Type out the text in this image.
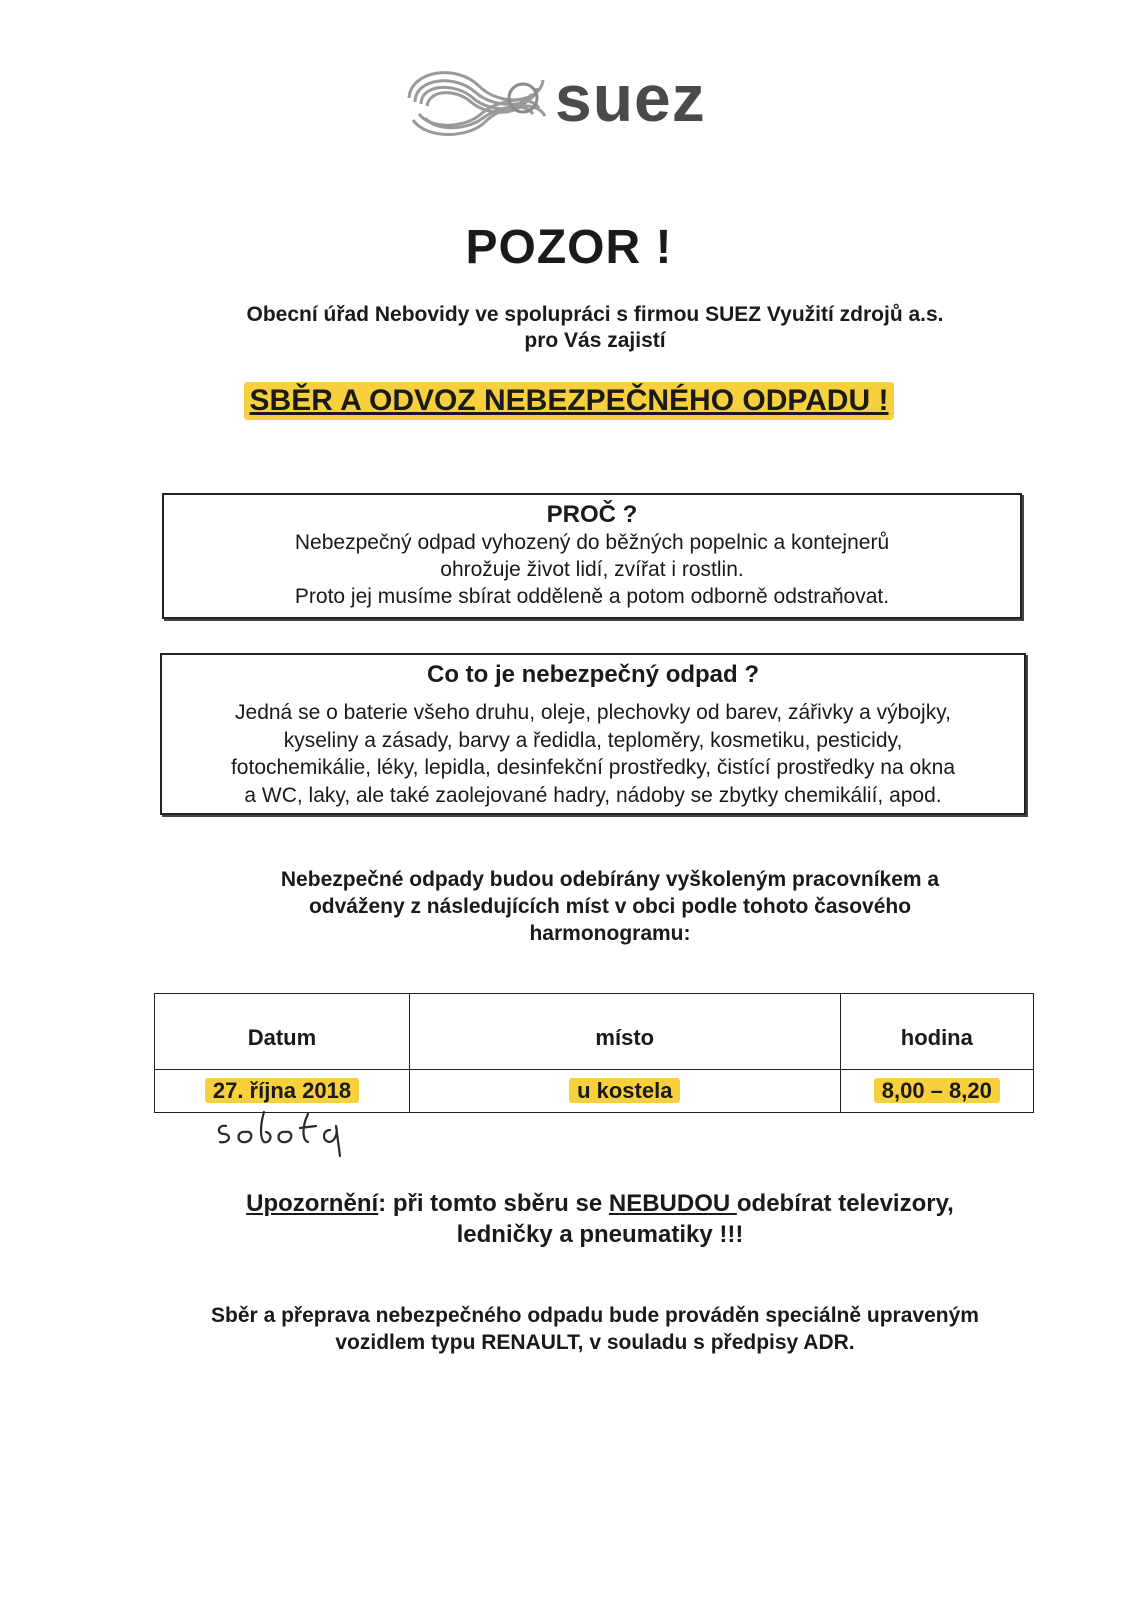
suez
POZOR !
Obecní úřad Nebovidy ve spolupráci s firmou SUEZ Využití zdrojů a.s.
pro Vás zajistí
SBĚR A ODVOZ NEBEZPEČNÉHO ODPADU !
PROČ ?
Nebezpečný odpad vyhozený do běžných popelnic a kontejnerů
ohrožuje život lidí, zvířat i rostlin.
Proto jej musíme sbírat odděleně a potom odborně odstraňovat.
Co to je nebezpečný odpad ?
Jedná se o baterie všeho druhu, oleje, plechovky od barev, zářivky a výbojky,
kyseliny a zásady, barvy a ředidla, teploměry, kosmetiku, pesticidy,
fotochemikálie, léky, lepidla, desinfekční prostředky, čistící prostředky na okna
a WC, laky, ale také zaolejované hadry, nádoby se zbytky chemikálií, apod.
Nebezpečné odpady budou odebírány vyškoleným pracovníkem a
odváženy z následujících míst v obci podle tohoto časového
harmonogramu:
Datum	místo	hodina
27. října 2018	u kostela	8,00 – 8,20
Upozornění: při tomto sběru se NEBUDOU odebírat televizory,
ledničky a pneumatiky !!!
Sběr a přeprava nebezpečného odpadu bude prováděn speciálně upraveným
vozidlem typu RENAULT, v souladu s předpisy ADR.
